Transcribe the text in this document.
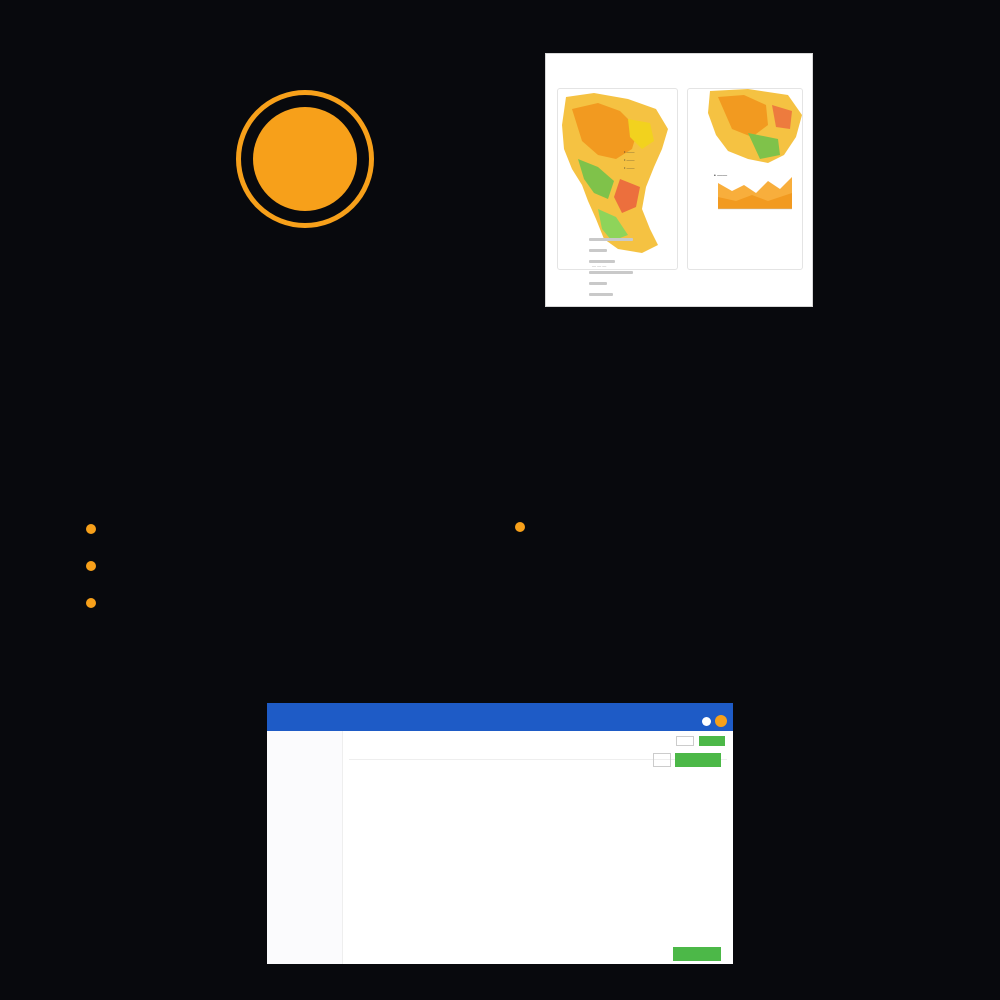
• ——
• ——
• ——
— — —
• ——
